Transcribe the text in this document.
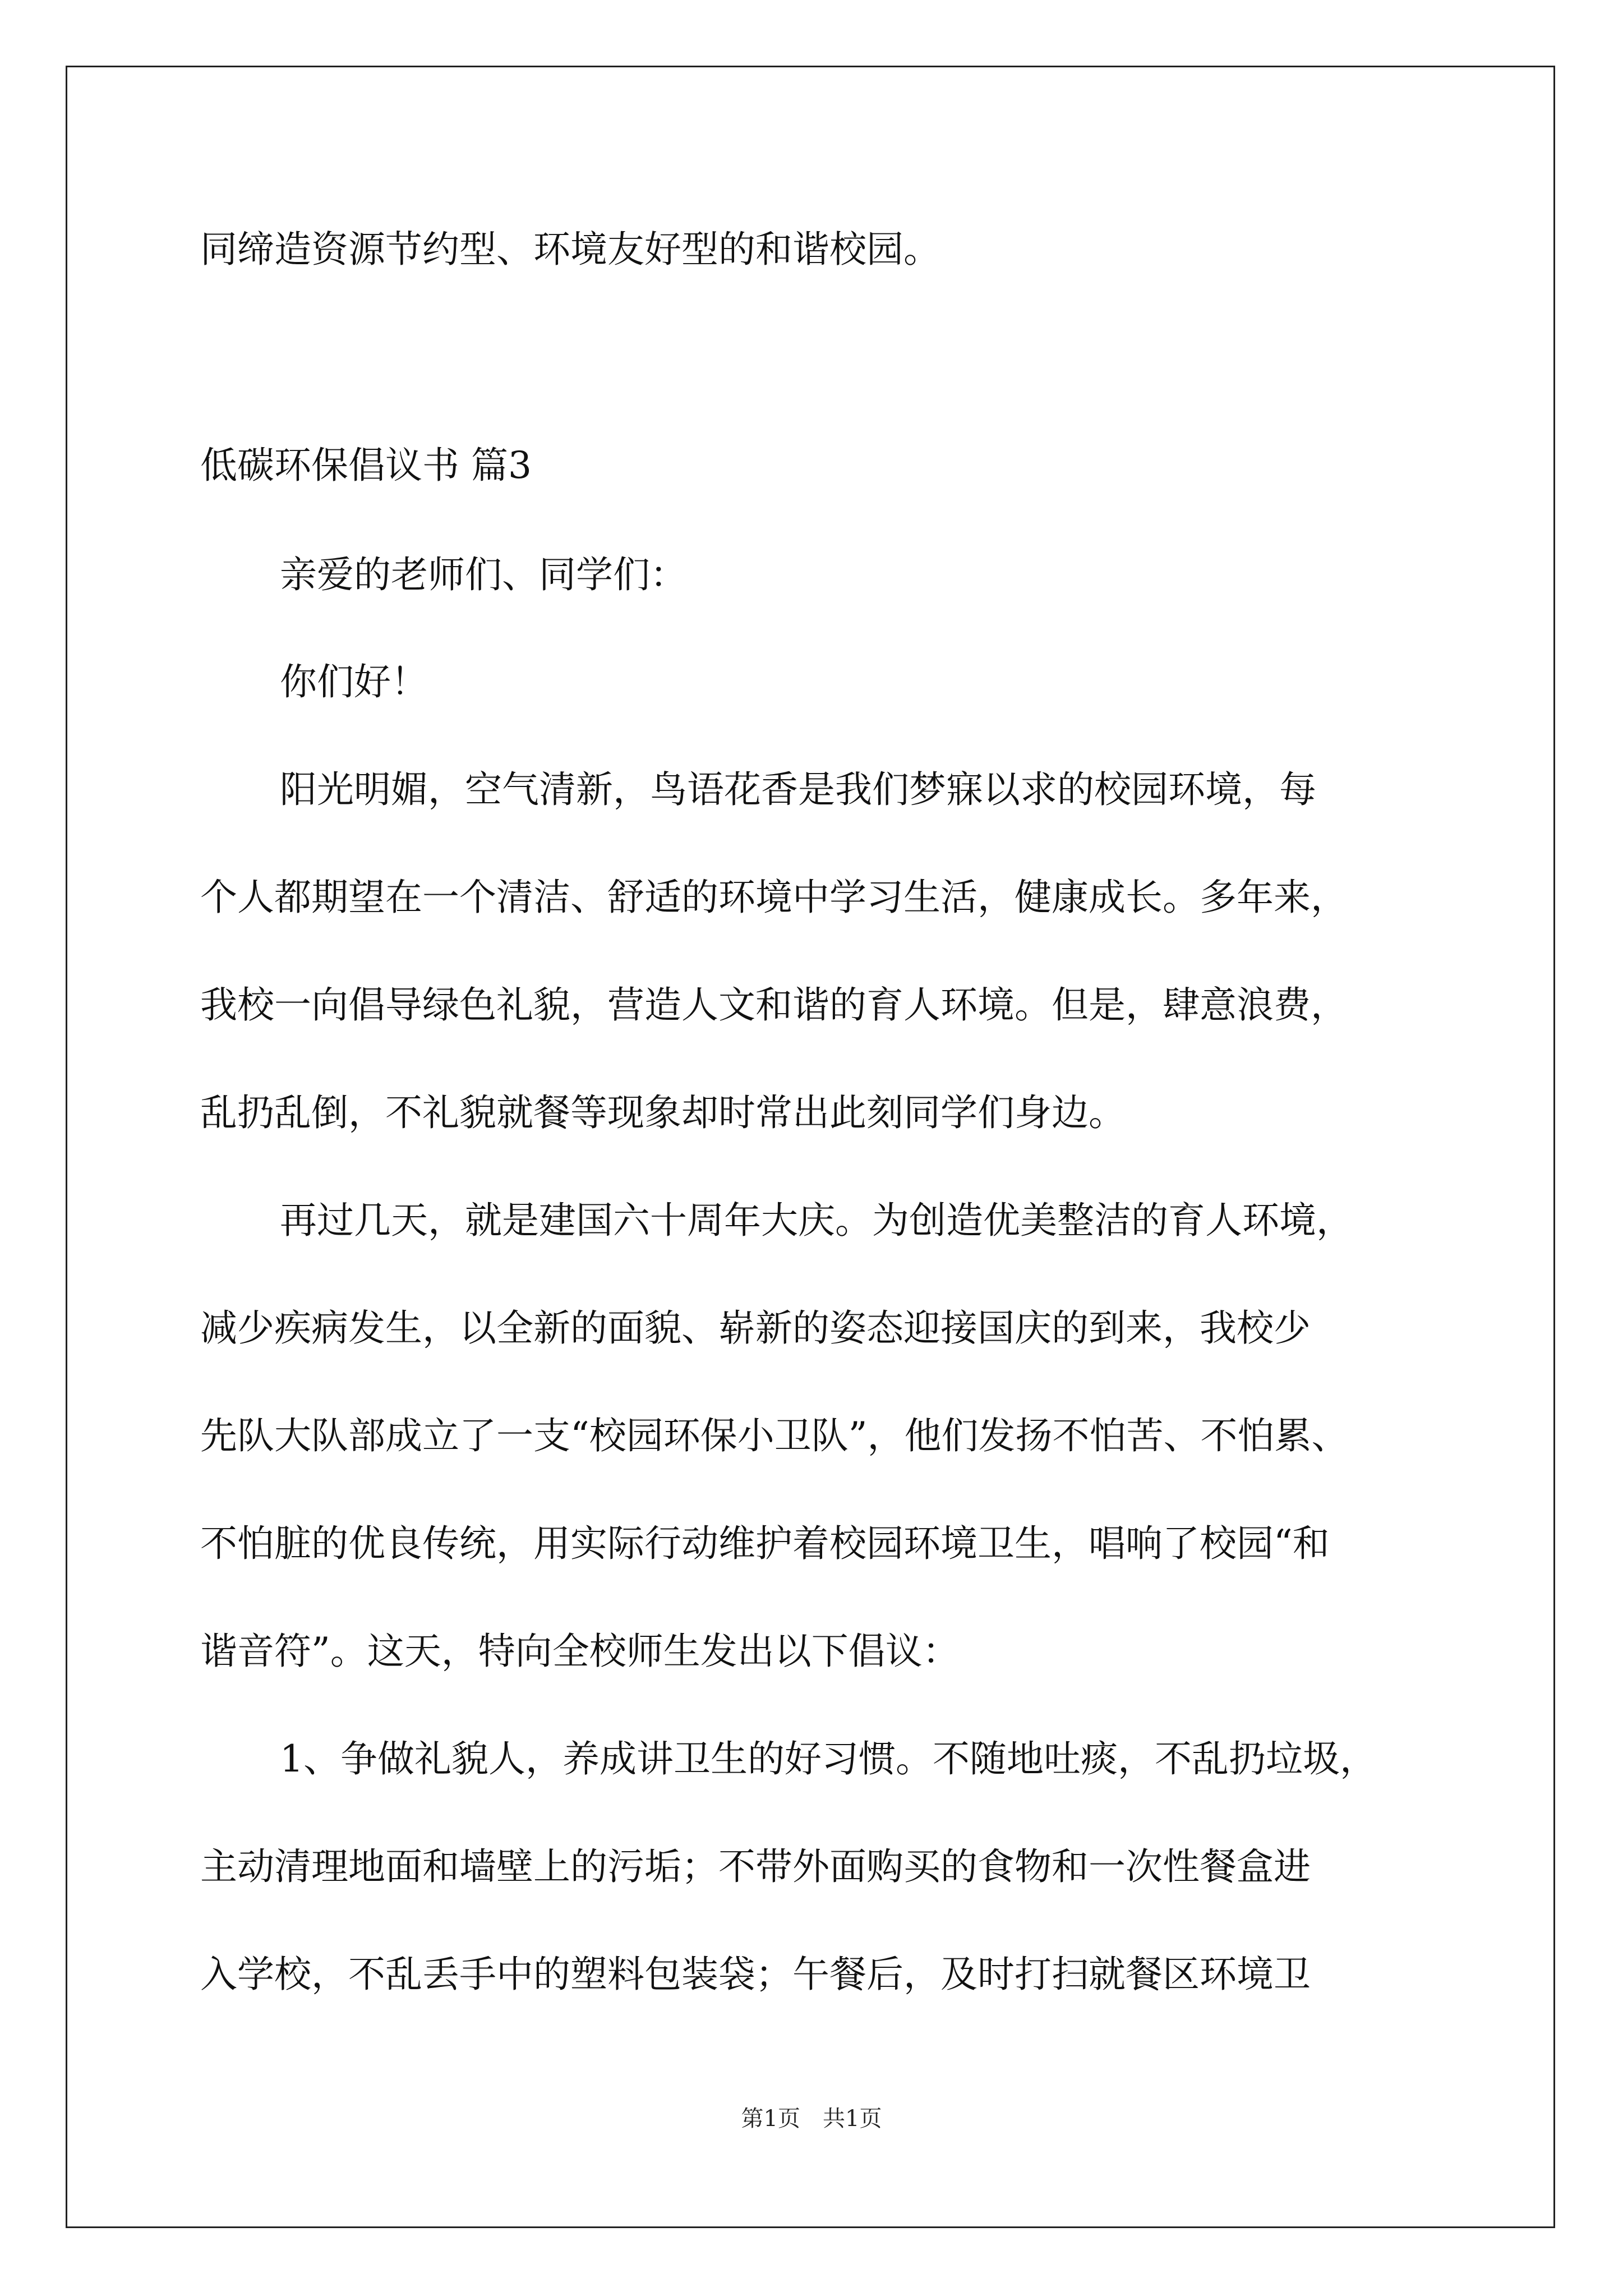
同缔造资源节约型、环境友好型的和谐校园。
低碳环保倡议书 篇3
亲爱的老师们、同学们：
你们好！
阳光明媚，空气清新，鸟语花香是我们梦寐以求的校园环境，每
个人都期望在一个清洁、舒适的环境中学习生活，健康成长。多年来，
我校一向倡导绿色礼貌，营造人文和谐的育人环境。但是，肆意浪费，
乱扔乱倒，不礼貌就餐等现象却时常出此刻同学们身边。
再过几天，就是建国六十周年大庆。为创造优美整洁的育人环境，
减少疾病发生，以全新的面貌、崭新的姿态迎接国庆的到来，我校少
先队大队部成立了一支“校园环保小卫队”，他们发扬不怕苦、不怕累、
不怕脏的优良传统，用实际行动维护着校园环境卫生，唱响了校园“和
谐音符”。这天，特向全校师生发出以下倡议：
1、争做礼貌人，养成讲卫生的好习惯。不随地吐痰，不乱扔垃圾，
主动清理地面和墙壁上的污垢；不带外面购买的食物和一次性餐盒进
入学校，不乱丢手中的塑料包装袋；午餐后，及时打扫就餐区环境卫
第1页　共1页
